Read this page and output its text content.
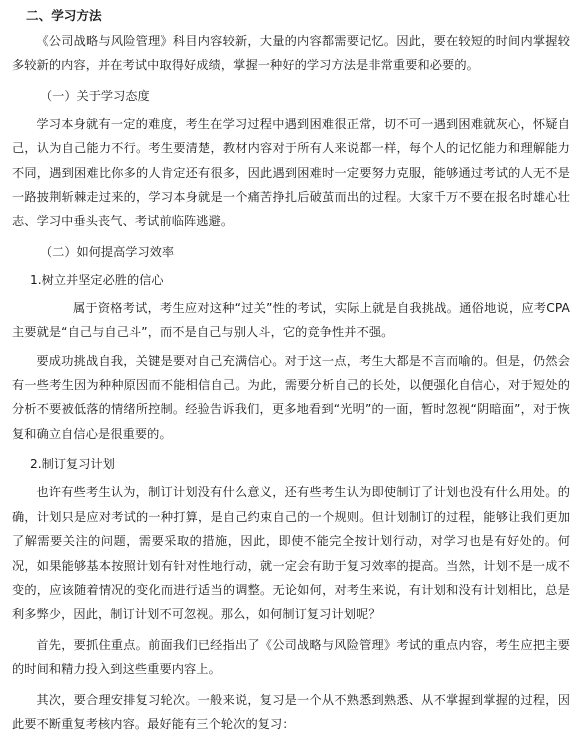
二、学习方法

《公司战略与风险管理》科目内容较新，大量的内容都需要记忆。因此，要在较短的时间内掌握较多较新的内容，并在考试中取得好成绩，掌握一种好的学习方法是非常重要和必要的。

（一）关于学习态度

学习本身就有一定的难度，考生在学习过程中遇到困难很正常，切不可一遇到困难就灰心，怀疑自己，认为自己能力不行。考生要清楚，教材内容对于所有人来说都一样，每个人的记忆能力和理解能力不同，遇到困难比你多的人肯定还有很多，因此遇到困难时一定要努力克服，能够通过考试的人无不是一路披荆斩棘走过来的，学习本身就是一个痛苦挣扎后破茧而出的过程。大家千万不要在报名时雄心壮志、学习中垂头丧气、考试前临阵逃避。

（二）如何提高学习效率
1.树立并坚定必胜的信心

属于资格考试，考生应对这种“过关”性的考试，实际上就是自我挑战。通俗地说，应考CPA主要就是“自己与自己斗”，而不是自己与别人斗，它的竞争性并不强。

要成功挑战自我，关键是要对自己充满信心。对于这一点，考生大都是不言而喻的。但是，仍然会有一些考生因为种种原因而不能相信自己。为此，需要分析自己的长处，以便强化自信心，对于短处的分析不要被低落的情绪所控制。经验告诉我们，更多地看到“光明”的一面，暂时忽视“阴暗面”，对于恢复和确立自信心是很重要的。

2.制订复习计划

也许有些考生认为，制订计划没有什么意义，还有些考生认为即使制订了计划也没有什么用处。的确，计划只是应对考试的一种打算，是自己约束自己的一个规则。但计划制订的过程，能够让我们更加了解需要关注的问题，需要采取的措施，因此，即使不能完全按计划行动，对学习也是有好处的。何况，如果能够基本按照计划有针对性地行动，就一定会有助于复习效率的提高。当然，计划不是一成不变的，应该随着情况的变化而进行适当的调整。无论如何，对考生来说，有计划和没有计划相比，总是利多弊少，因此，制订计划不可忽视。那么，如何制订复习计划呢？

首先，要抓住重点。前面我们已经指出了《公司战略与风险管理》考试的重点内容，考生应把主要的时间和精力投入到这些重要内容上。

其次，要合理安排复习轮次。一般来说，复习是一个从不熟悉到熟悉、从不掌握到掌握的过程，因此要不断重复考核内容。最好能有三个轮次的复习：
